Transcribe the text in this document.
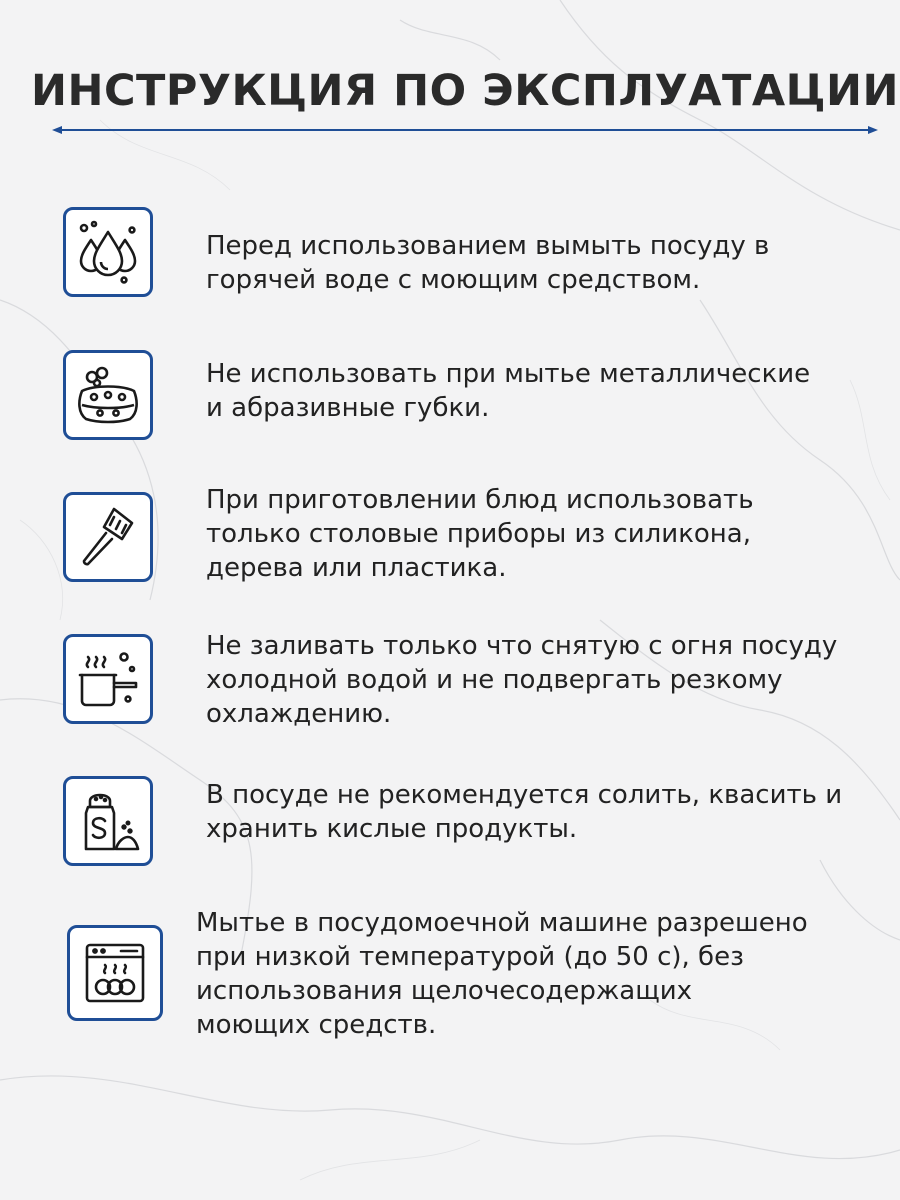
ИНСТРУКЦИЯ ПО ЭКСПЛУАТАЦИИ
Перед использованием вымыть посуду в
горячей воде с моющим средством.
Не использовать при мытье металлические
и абразивные губки.
При приготовлении блюд использовать
только столовые приборы из силикона,
дерева или пластика.
Не заливать только что снятую с огня посуду
холодной водой и не подвергать резкому
охлаждению.
В посуде не рекомендуется солить, квасить и
хранить кислые продукты.
Мытье в посудомоечной машине разрешено
при низкой температурой (до 50 с), без
использования щелочесодержащих
моющих средств.
